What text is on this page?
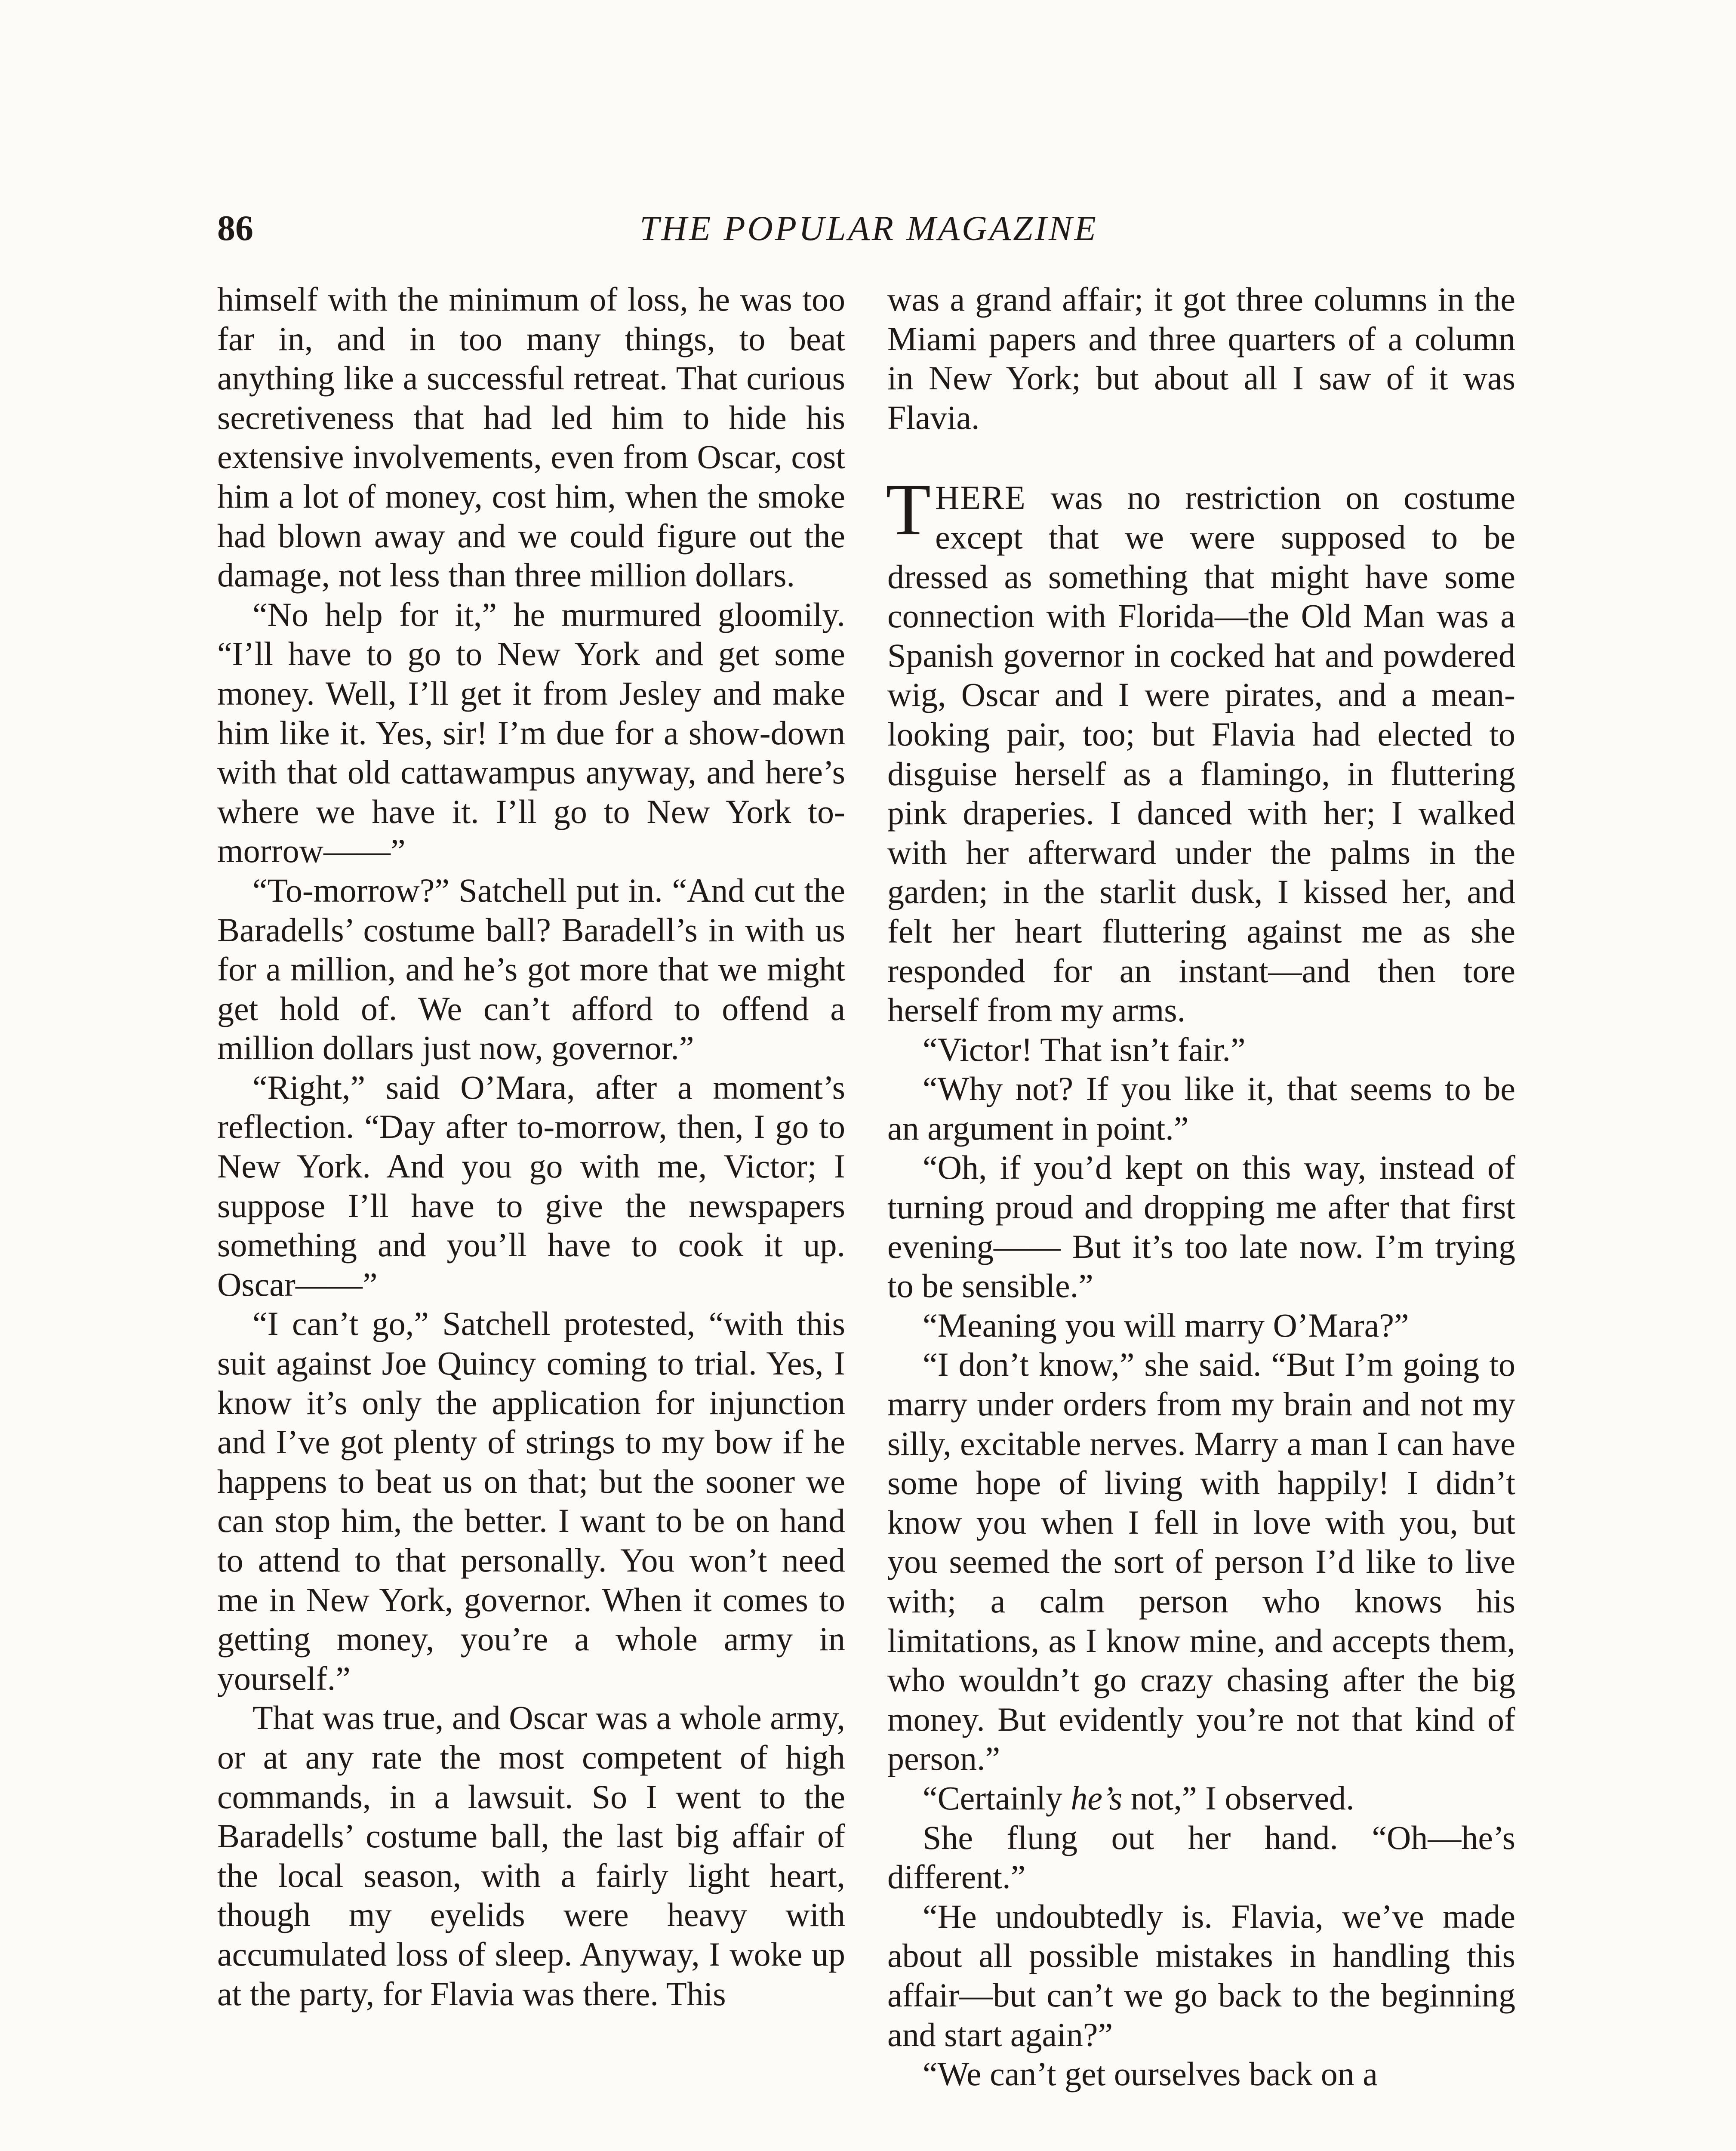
86	THE POPULAR MAGAZINE

himself with the minimum of loss, he was too far in, and in too many things, to beat anything like a successful retreat. That curious secretiveness that had led him to hide his extensive involvements, even from Oscar, cost him a lot of money, cost him, when the smoke had blown away and we could figure out the damage, not less than three million dollars.

“No help for it,” he murmured gloomily. “I’ll have to go to New York and get some money. Well, I’ll get it from Jesley and make him like it. Yes, sir! I’m due for a show-down with that old cattawampus anyway, and here’s where we have it. I’ll go to New York to-morrow——”

“To-morrow?” Satchell put in. “And cut the Baradells’ costume ball? Baradell’s in with us for a million, and he’s got more that we might get hold of. We can’t afford to offend a million dollars just now, governor.”

“Right,” said O’Mara, after a moment’s reflection. “Day after to-morrow, then, I go to New York. And you go with me, Victor; I suppose I’ll have to give the newspapers something and you’ll have to cook it up. Oscar——”

“I can’t go,” Satchell protested, “with this suit against Joe Quincy coming to trial. Yes, I know it’s only the application for injunction and I’ve got plenty of strings to my bow if he happens to beat us on that; but the sooner we can stop him, the better. I want to be on hand to attend to that personally. You won’t need me in New York, governor. When it comes to getting money, you’re a whole army in yourself.”

That was true, and Oscar was a whole army, or at any rate the most competent of high commands, in a lawsuit. So I went to the Baradells’ costume ball, the last big affair of the local season, with a fairly light heart, though my eyelids were heavy with accumulated loss of sleep. Anyway, I woke up at the party, for Flavia was there. This

was a grand affair; it got three columns in the Miami papers and three quarters of a column in New York; but about all I saw of it was Flavia.

THERE was no restriction on costume except that we were supposed to be dressed as something that might have some connection with Florida—the Old Man was a Spanish governor in cocked hat and powdered wig, Oscar and I were pirates, and a mean-looking pair, too; but Flavia had elected to disguise herself as a flamingo, in fluttering pink draperies. I danced with her; I walked with her afterward under the palms in the garden; in the starlit dusk, I kissed her, and felt her heart fluttering against me as she responded for an instant—and then tore herself from my arms.

“Victor! That isn’t fair.”

“Why not? If you like it, that seems to be an argument in point.”

“Oh, if you’d kept on this way, instead of turning proud and dropping me after that first evening—— But it’s too late now. I’m trying to be sensible.”

“Meaning you will marry O’Mara?”

“I don’t know,” she said. “But I’m going to marry under orders from my brain and not my silly, excitable nerves. Marry a man I can have some hope of living with happily! I didn’t know you when I fell in love with you, but you seemed the sort of person I’d like to live with; a calm person who knows his limitations, as I know mine, and accepts them, who wouldn’t go crazy chasing after the big money. But evidently you’re not that kind of person.”

“Certainly he’s not,” I observed.

She flung out her hand. “Oh—he’s different.”

“He undoubtedly is. Flavia, we’ve made about all possible mistakes in handling this affair—but can’t we go back to the beginning and start again?”

“We can’t get ourselves back on a
